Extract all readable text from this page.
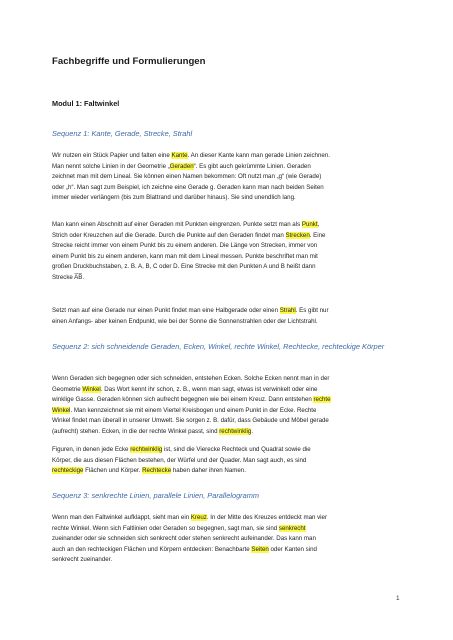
Fachbegriffe und Formulierungen
Modul 1: Faltwinkel
Sequenz 1: Kante, Gerade, Strecke, Strahl
Wir nutzen ein Stück Papier und falten eine Kante. An dieser Kante kann man gerade Linien zeichnen.
Man nennt solche Linien in der Geometrie „Geraden“. Es gibt auch gekrümmte Linien. Geraden
zeichnet man mit dem Lineal. Sie können einen Namen bekommen: Oft nutzt man „g“ (wie Gerade)
oder „h“. Man sagt zum Beispiel, ich zeichne eine Gerade g. Geraden kann man nach beiden Seiten
immer wieder verlängern (bis zum Blattrand und darüber hinaus). Sie sind unendlich lang.
Man kann einen Abschnitt auf einer Geraden mit Punkten eingrenzen. Punkte setzt man als Punkt,
Strich oder Kreuzchen auf die Gerade. Durch die Punkte auf den Geraden findet man Strecken. Eine
Strecke reicht immer von einem Punkt bis zu einem anderen. Die Länge von Strecken, immer von
einem Punkt bis zu einem anderen, kann man mit dem Lineal messen. Punkte beschriftet man mit
großen Druckbuchstaben, z. B. A, B, C oder D. Eine Strecke mit den Punkten A und B heißt dann
Strecke A̅B̅.
Setzt man auf eine Gerade nur einen Punkt findet man eine Halbgerade oder einen Strahl. Es gibt nur
einen Anfangs- aber keinen Endpunkt, wie bei der Sonne die Sonnenstrahlen oder der Lichtstrahl.
Sequenz 2: sich schneidende Geraden, Ecken, Winkel, rechte Winkel, Rechtecke, rechteckige Körper
Wenn Geraden sich begegnen oder sich schneiden, entstehen Ecken. Solche Ecken nennt man in der
Geometrie Winkel. Das Wort kennt ihr schon, z. B., wenn man sagt, etwas ist verwinkelt oder eine
winklige Gasse. Geraden können sich aufrecht begegnen wie bei einem Kreuz. Dann entstehen rechte
Winkel. Man kennzeichnet sie mit einem Viertel Kreisbogen und einem Punkt in der Ecke. Rechte
Winkel findet man überall in unserer Umwelt. Sie sorgen z. B. dafür, dass Gebäude und Möbel gerade
(aufrecht) stehen. Ecken, in die der rechte Winkel passt, sind rechtwinklig.
Figuren, in denen jede Ecke rechtwinklig ist, sind die Vierecke Rechteck und Quadrat sowie die
Körper, die aus diesen Flächen bestehen, der Würfel und der Quader. Man sagt auch, es sind
rechteckige Flächen und Körper. Rechtecke haben daher ihren Namen.
Sequenz 3: senkrechte Linien, parallele Linien, Parallelogramm
Wenn man den Faltwinkel aufklappt, sieht man ein Kreuz. In der Mitte des Kreuzes entdeckt man vier
rechte Winkel. Wenn sich Faltlinien oder Geraden so begegnen, sagt man, sie sind senkrecht
zueinander oder sie schneiden sich senkrecht oder stehen senkrecht aufeinander. Das kann man
auch an den rechteckigen Flächen und Körpern entdecken: Benachbarte Seiten oder Kanten sind
senkrecht zueinander.
1
